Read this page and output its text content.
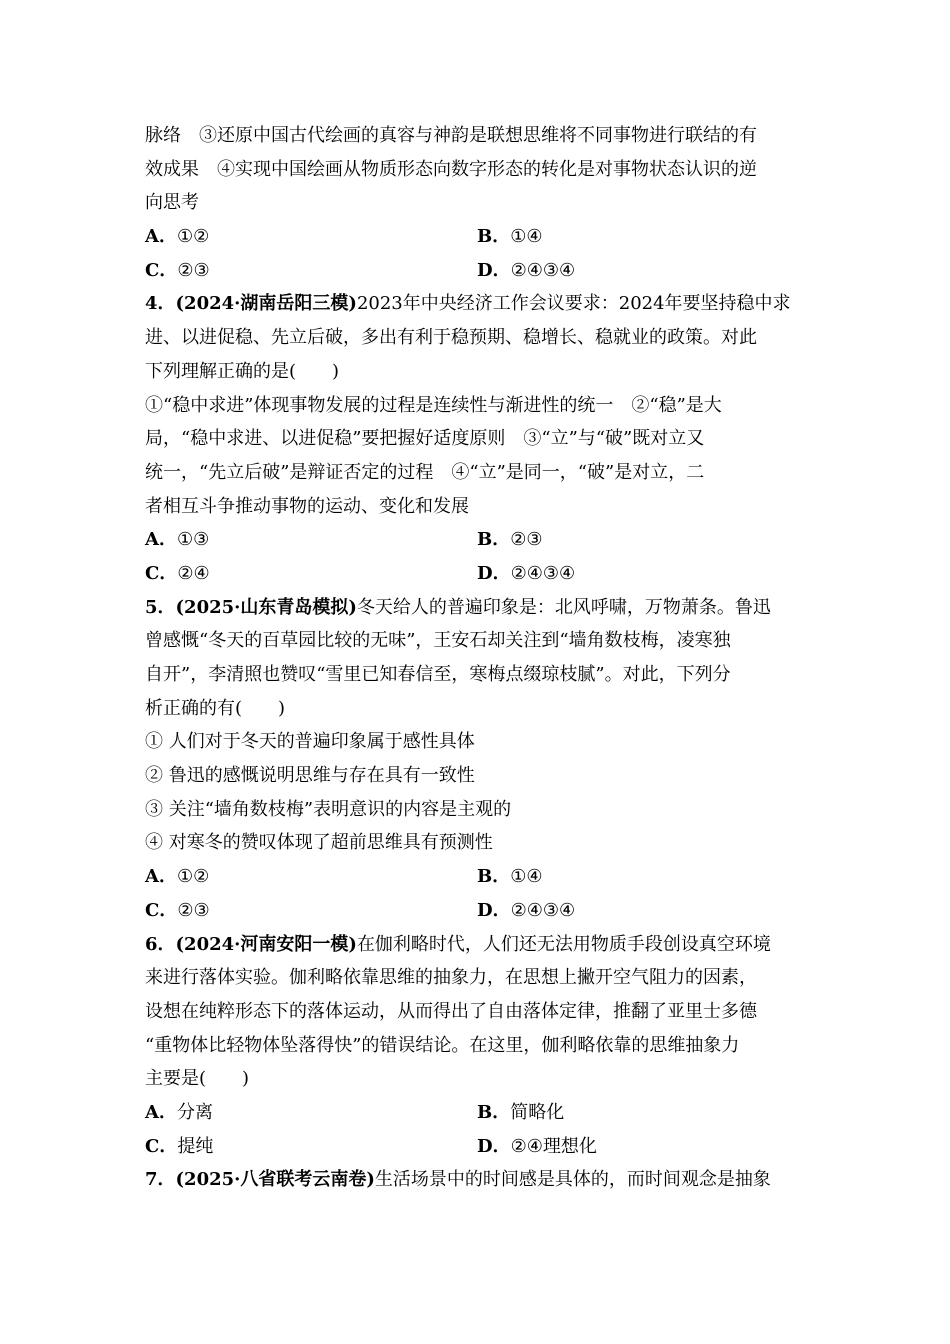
脉络　③还原中国古代绘画的真容与神韵是联想思维将不同事物进行联结的有
效成果　④实现中国绘画从物质形态向数字形态的转化是对事物状态认识的逆
向思考
A．①②	B．①④
C．②③	D．②④③④
4．(2024·湖南岳阳三模)2023年中央经济工作会议要求：2024年要坚持稳中求
进、以进促稳、先立后破，多出有利于稳预期、稳增长、稳就业的政策。对此
下列理解正确的是(　　)
①“稳中求进”体现事物发展的过程是连续性与渐进性的统一　②“稳”是大
局，“稳中求进、以进促稳”要把握好适度原则　③“立”与“破”既对立又
统一，“先立后破”是辩证否定的过程　④“立”是同一，“破”是对立，二
者相互斗争推动事物的运动、变化和发展
A．①③	B．②③
C．②④	D．②④③④
5．(2025·山东青岛模拟)冬天给人的普遍印象是：北风呼啸，万物萧条。鲁迅
曾感慨“冬天的百草园比较的无味”，王安石却关注到“墙角数枝梅，凌寒独
自开”，李清照也赞叹“雪里已知春信至，寒梅点缀琼枝腻”。对此，下列分
析正确的有(　　)
① 人们对于冬天的普遍印象属于感性具体
② 鲁迅的感慨说明思维与存在具有一致性
③ 关注“墙角数枝梅”表明意识的内容是主观的
④ 对寒冬的赞叹体现了超前思维具有预测性
A．①②	B．①④
C．②③	D．②④③④
6．(2024·河南安阳一模)在伽利略时代，人们还无法用物质手段创设真空环境
来进行落体实验。伽利略依靠思维的抽象力，在思想上撇开空气阻力的因素，
设想在纯粹形态下的落体运动，从而得出了自由落体定律，推翻了亚里士多德
“重物体比轻物体坠落得快”的错误结论。在这里，伽利略依靠的思维抽象力
主要是(　　)
A．分离	B．简略化
C．提纯	D．②④理想化
7．(2025·八省联考云南卷)生活场景中的时间感是具体的，而时间观念是抽象
